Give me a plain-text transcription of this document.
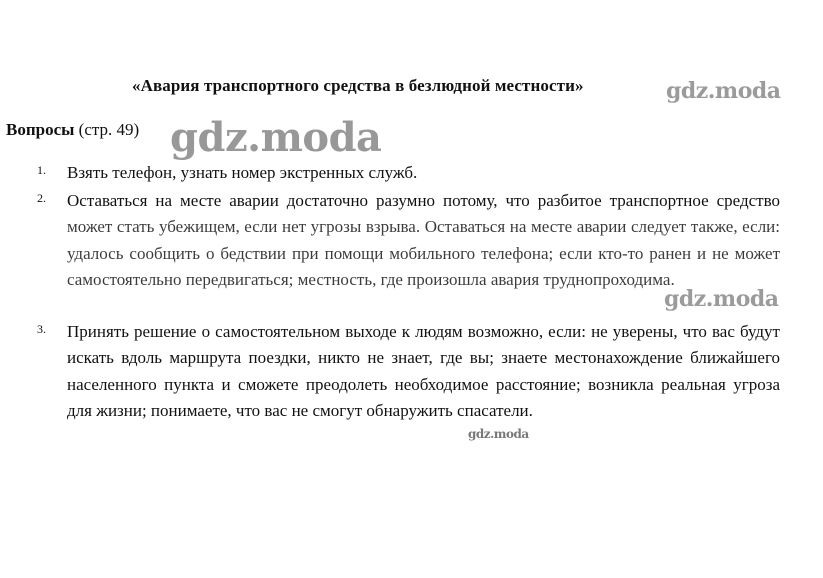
«Авария транспортного средства в безлюдной местности»
Вопросы (стр. 49)
1. Взять телефон, узнать номер экстренных служб.
2. Оставаться на месте аварии достаточно разумно потому, что разбитое транспортное средство может стать убежищем, если нет угрозы взрыва. Оставаться на месте аварии следует также, если: удалось сообщить о бедствии при помощи мобильного телефона; если кто-то ранен и не может самостоятельно передвигаться; местность, где произошла авария труднопроходима.
3. Принять решение о самостоятельном выходе к людям возможно, если: не уверены, что вас будут искать вдоль маршрута поездки, никто не знает, где вы; знаете местонахождение ближайшего населенного пункта и сможете преодолеть необходимое расстояние; возникла реальная угроза для жизни; понимаете, что вас не смогут обнаружить спасатели.
gdz.moda
gdz.moda
gdz.moda
gdz.moda
